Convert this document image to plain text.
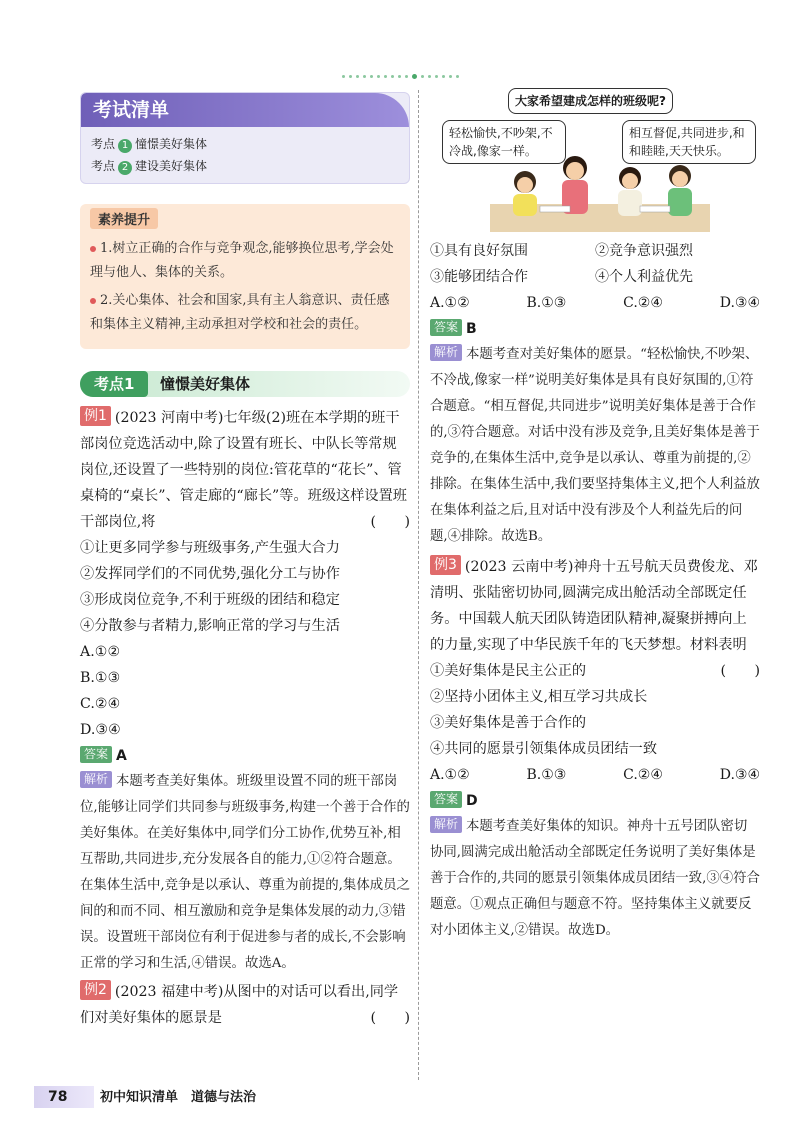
考试清单
考点 1 憧憬美好集体
考点 2 建设美好集体
素养提升

1.树立正确的合作与竞争观念,能够换位思考,学会处理与他人、集体的关系。

2.关心集体、社会和国家,具有主人翁意识、责任感和集体主义精神,主动承担对学校和社会的责任。

考点1	憧憬美好集体

例1 (2023 河南中考)七年级(2)班在本学期的班干部岗位竞选活动中,除了设置有班长、中队长等常规岗位,还设置了一些特别的岗位:管花草的“花长”、管桌椅的“桌长”、管走廊的“廊长”等。班级这样设置班干部岗位,将　	(　　)

①让更多同学参与班级事务,产生强大合力

②发挥同学们的不同优势,强化分工与协作

③形成岗位竞争,不利于班级的团结和稳定

④分散参与者精力,影响正常的学习与生活

A.①②

B.①③

C.②④

D.③④

答案 A

解析 本题考查美好集体。班级里设置不同的班干部岗位,能够让同学们共同参与班级事务,构建一个善于合作的美好集体。在美好集体中,同学们分工协作,优势互补,相互帮助,共同进步,充分发展各自的能力,①②符合题意。在集体生活中,竞争是以承认、尊重为前提的,集体成员之间的和而不同、相互激励和竞争是集体发展的动力,③错误。设置班干部岗位有利于促进参与者的成长,不会影响正常的学习和生活,④错误。故选A。

例2 (2023 福建中考)从图中的对话可以看出,同学们对美好集体的愿景是	(　　)

大家希望建成怎样的班级呢?
轻松愉快,不吵架,不冷战,像家一样。
相互督促,共同进步,和和睦睦,天天快乐。
①具有良好氛围	②竞争意识强烈
③能够团结合作	④个人利益优先
A.①②	B.①③	C.②④	D.③④

答案 B

解析 本题考查对美好集体的愿景。“轻松愉快,不吵架、不冷战,像家一样”说明美好集体是具有良好氛围的,①符合题意。“相互督促,共同进步”说明美好集体是善于合作的,③符合题意。对话中没有涉及竞争,且美好集体是善于竞争的,在集体生活中,竞争是以承认、尊重为前提的,②排除。在集体生活中,我们要坚持集体主义,把个人利益放在集体利益之后,且对话中没有涉及个人利益先后的问题,④排除。故选B。

例3 (2023 云南中考)神舟十五号航天员费俊龙、邓清明、张陆密切协同,圆满完成出舱活动全部既定任务。中国载人航天团队铸造团队精神,凝聚拼搏向上的力量,实现了中华民族千年的飞天梦想。材料表明　
(　　)

①美好集体是民主公正的

②坚持小团体主义,相互学习共成长

③美好集体是善于合作的

④共同的愿景引领集体成员团结一致

A.①②	B.①③	C.②④	D.③④

答案 D

解析 本题考查美好集体的知识。神舟十五号团队密切协同,圆满完成出舱活动全部既定任务说明了美好集体是善于合作的,共同的愿景引领集体成员团结一致,③④符合题意。①观点正确但与题意不符。坚持集体主义就要反对小团体主义,②错误。故选D。

78	初中知识清单　道德与法治
